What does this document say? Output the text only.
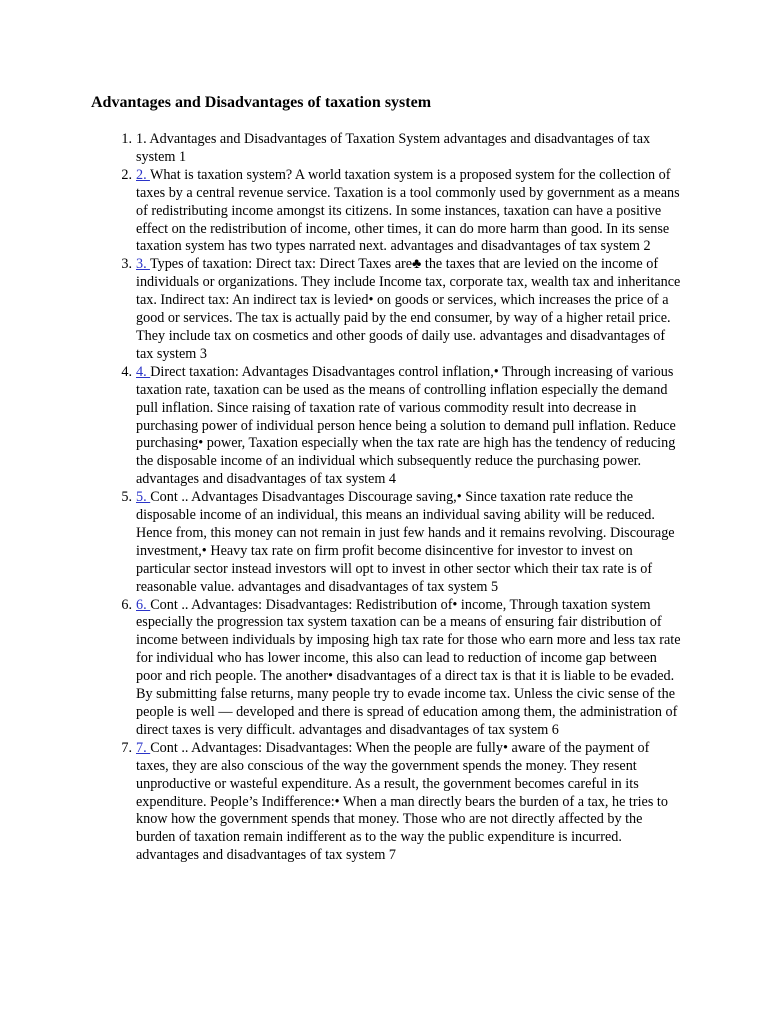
Advantages and Disadvantages of taxation system
1. 1. Advantages and Disadvantages of Taxation System advantages and disadvantages of tax system 1
2. 2. What is taxation system? A world taxation system is a proposed system for the collection of taxes by a central revenue service. Taxation is a tool commonly used by government as a means of redistributing income amongst its citizens. In some instances, taxation can have a positive effect on the redistribution of income, other times, it can do more harm than good. In its sense taxation system has two types narrated next. advantages and disadvantages of tax system 2
3. 3. Types of taxation: Direct tax: Direct Taxes are♣ the taxes that are levied on the income of individuals or organizations. They include Income tax, corporate tax, wealth tax and inheritance tax. Indirect tax: An indirect tax is levied• on goods or services, which increases the price of a good or services. The tax is actually paid by the end consumer, by way of a higher retail price. They include tax on cosmetics and other goods of daily use. advantages and disadvantages of tax system 3
4. 4. Direct taxation: Advantages Disadvantages control inflation,• Through increasing of various taxation rate, taxation can be used as the means of controlling inflation especially the demand pull inflation. Since raising of taxation rate of various commodity result into decrease in purchasing power of individual person hence being a solution to demand pull inflation. Reduce purchasing• power, Taxation especially when the tax rate are high has the tendency of reducing the disposable income of an individual which subsequently reduce the purchasing power. advantages and disadvantages of tax system 4
5. 5. Cont .. Advantages Disadvantages Discourage saving,• Since taxation rate reduce the disposable income of an individual, this means an individual saving ability will be reduced. Hence from, this money can not remain in just few hands and it remains revolving. Discourage investment,• Heavy tax rate on firm profit become disincentive for investor to invest on particular sector instead investors will opt to invest in other sector which their tax rate is of reasonable value. advantages and disadvantages of tax system 5
6. 6. Cont .. Advantages: Disadvantages: Redistribution of• income, Through taxation system especially the progression tax system taxation can be a means of ensuring fair distribution of income between individuals by imposing high tax rate for those who earn more and less tax rate for individual who has lower income, this also can lead to reduction of income gap between poor and rich people. The another• disadvantages of a direct tax is that it is liable to be evaded. By submitting false returns, many people try to evade income tax. Unless the civic sense of the people is well — developed and there is spread of education among them, the administration of direct taxes is very difficult. advantages and disadvantages of tax system 6
7. 7. Cont .. Advantages: Disadvantages: When the people are fully• aware of the payment of taxes, they are also conscious of the way the government spends the money. They resent unproductive or wasteful expenditure. As a result, the government becomes careful in its expenditure. People’s Indifference:• When a man directly bears the burden of a tax, he tries to know how the government spends that money. Those who are not directly affected by the burden of taxation remain indifferent as to the way the public expenditure is incurred. advantages and disadvantages of tax system 7
